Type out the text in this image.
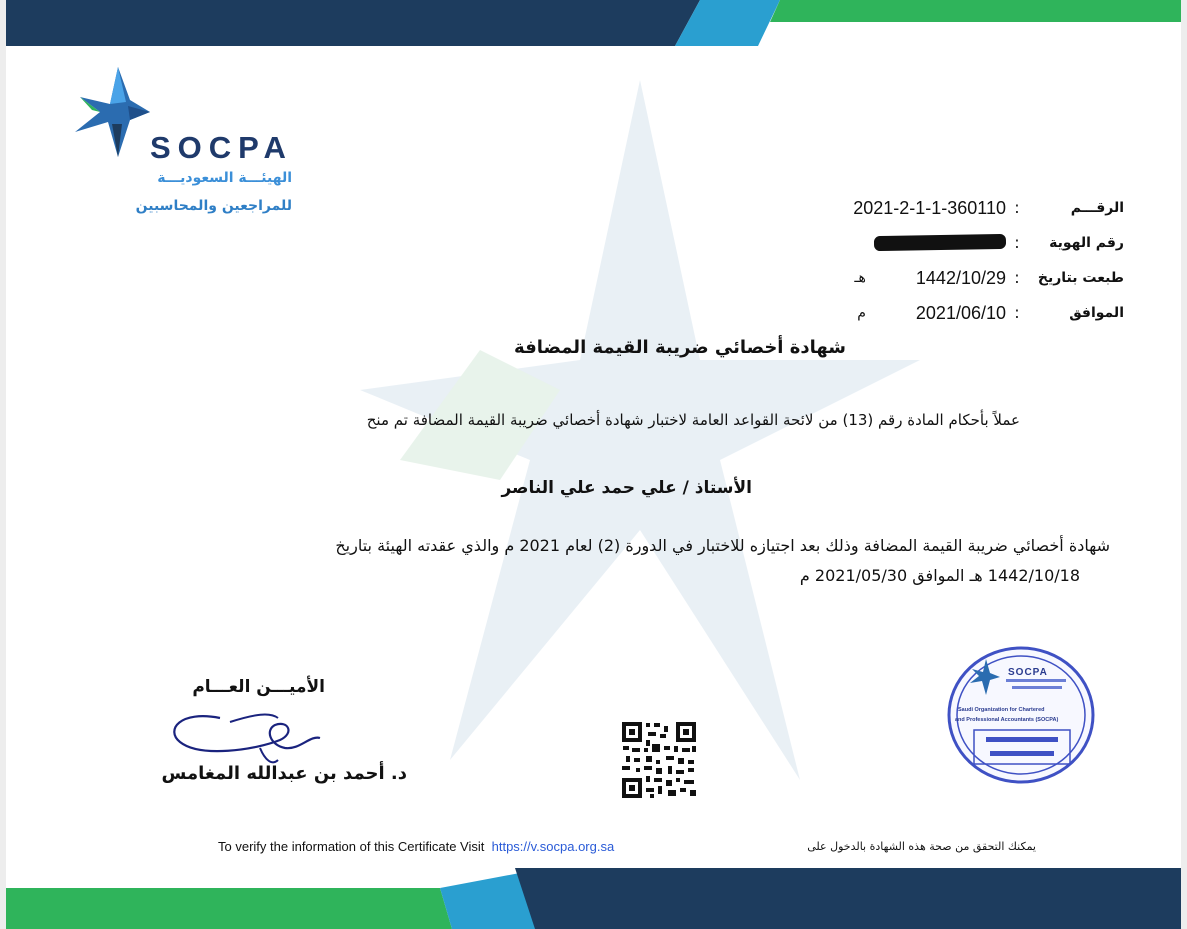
SOCPA
الهيئـــة السعوديـــة
للمراجعين والمحاسبين	الرقـــم
:
2021-2-1-1-360110
رقم الهوية
:
طبعت بتاريخ
:
1442/10/29
هـ
الموافق
:
2021/06/10
م
شهادة أخصائي ضريبة القيمة المضافة
عملاً بأحكام المادة رقم (13) من لائحة القواعد العامة لاختبار شهادة أخصائي ضريبة القيمة المضافة تم منح
الأستاذ / علي حمد علي الناصر
شهادة أخصائي ضريبة القيمة المضافة وذلك بعد اجتيازه للاختبار في الدورة (2) لعام 2021 م والذي عقدته الهيئة بتاريخ
1442/10/18 هـ الموافق 2021/05/30 م
الأميـــن العـــام
د. أحمد بن عبدالله المغامس
SOCPA
Saudi Organization for Chartered
and Professional Accountants (SOCPA)
To verify the information of this Certificate Visit https://v.socpa.org.sa	يمكنك التحقق من صحة هذه الشهادة بالدخول على
